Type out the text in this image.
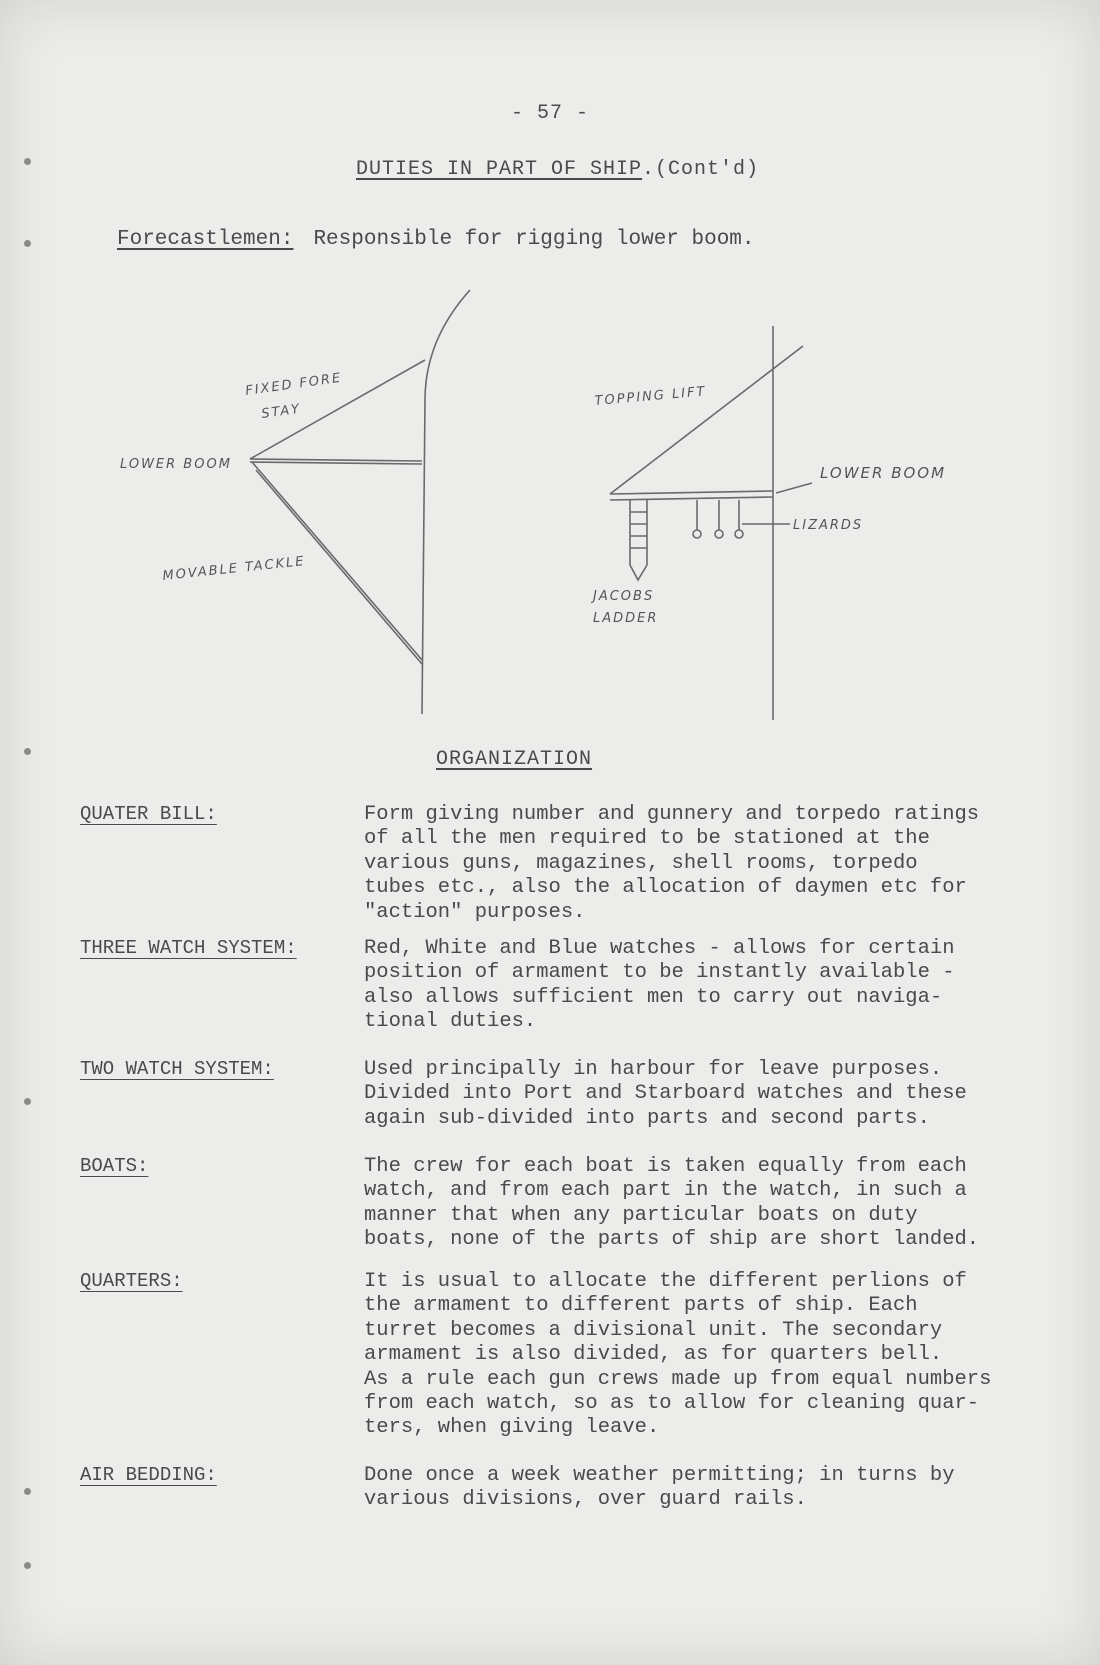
- 57 -
DUTIES IN PART OF SHIP.(Cont'd)
Forecastlemen: Responsible for rigging lower boom.
FIXED FORE
STAY
LOWER BOOM
MOVABLE TACKLE
TOPPING LIFT
LOWER BOOM
LIZARDS
JACOBS
LADDER
ORGANIZATION
QUATER BILL:	Form giving number and gunnery and torpedo ratings
of all the men required to be stationed at the
various guns, magazines, shell rooms, torpedo
tubes etc., also the allocation of daymen etc for
"action" purposes.
THREE WATCH SYSTEM:	Red, White and Blue watches - allows for certain
position of armament to be instantly available -
also allows sufficient men to carry out naviga-
tional duties.
TWO WATCH SYSTEM:	Used principally in harbour for leave purposes.
Divided into Port and Starboard watches and these
again sub-divided into parts and second parts.
BOATS:	The crew for each boat is taken equally from each
watch, and from each part in the watch, in such a
manner that when any particular boats on duty
boats, none of the parts of ship are short landed.
QUARTERS:	It is usual to allocate the different perlions of
the armament to different parts of ship. Each
turret becomes a divisional unit. The secondary
armament is also divided, as for quarters bell.
As a rule each gun crews made up from equal numbers
from each watch, so as to allow for cleaning quar-
ters, when giving leave.
AIR BEDDING:	Done once a week weather permitting; in turns by
various divisions, over guard rails.
